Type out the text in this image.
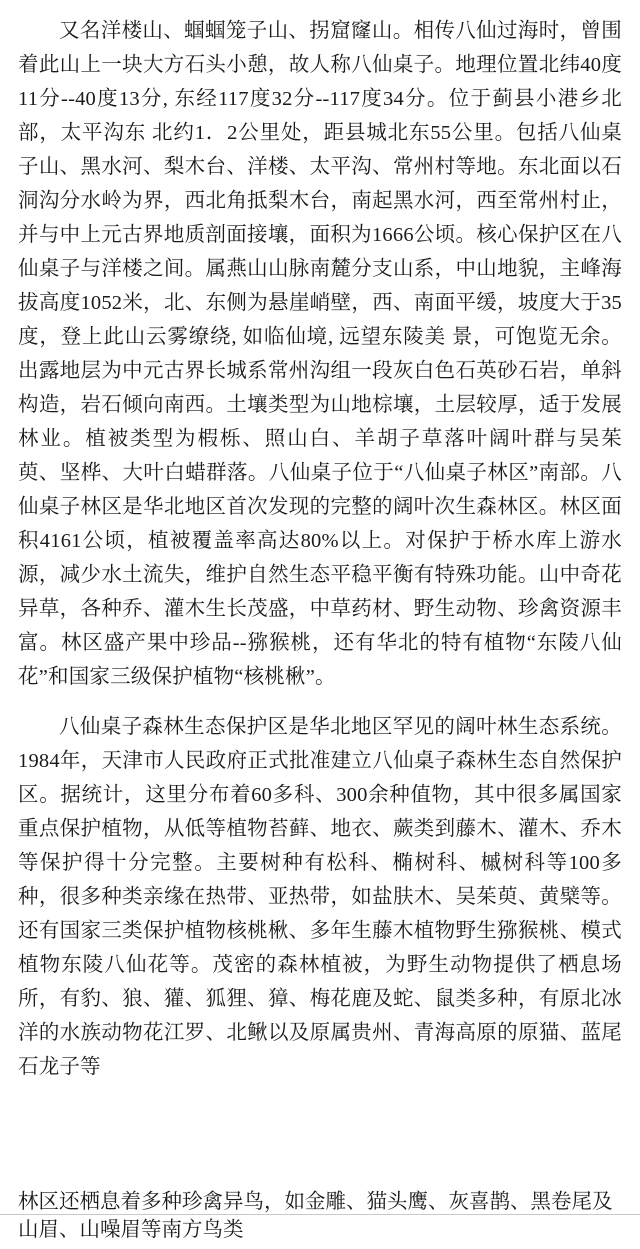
又名洋楼山、蝈蝈笼子山、拐窟窿山。相传八仙过海时，曾围着此山上一块大方石头小憩，故人称八仙桌子。地理位置北纬40度11分--40度13分, 东经117度32分--117度34分。位于蓟县小港乡北部，太平沟东 北约1．2公里处，距县城北东55公里。包括八仙桌子山、黑水河、梨木台、洋楼、太平沟、常州村等地。东北面以石洞沟分水岭为界，西北角抵梨木台，南起黑水河，西至常州村止，并与中上元古界地质剖面接壤，面积为1666公顷。核心保护区在八仙桌子与洋楼之间。属燕山山脉南麓分支山系，中山地貌，主峰海拔高度1052米，北、东侧为悬崖峭壁，西、南面平缓，坡度大于35度，登上此山云雾缭绕, 如临仙境, 远望东陵美 景，可饱览无余。出露地层为中元古界长城系常州沟组一段灰白色石英砂石岩，单斜构造，岩石倾向南西。土壤类型为山地棕壤，土层较厚，适于发展林业。植被类型为椵栎、照山白、羊胡子草落叶阔叶群与吴茱 萸、坚桦、大叶白蜡群落。八仙桌子位于“八仙桌子林区”南部。八仙桌子林区是华北地区首次发现的完整的阔叶次生森林区。林区面积4161公顷，植被覆盖率高达80%以上。对保护于桥水库上游水源，减少水土流失，维护自然生态平稳平衡有特殊功能。山中奇花异草，各种乔、灌木生长茂盛，中草药材、野生动物、珍禽资源丰富。林区盛产果中珍品--猕猴桃，还有华北的特有植物“东陵八仙花”和国家三级保护植物“核桃楸”。

八仙桌子森林生态保护区是华北地区罕见的阔叶林生态系统。1984年，天津市人民政府正式批准建立八仙桌子森林生态自然保护区。据统计，这里分布着60多科、300余种值物，其中很多属国家重点保护植物，从低等植物苔藓、地衣、蕨类到藤木、灌木、乔木等保护得十分完整。主要树种有松科、椭树科、槭树科等100多种，很多种类亲缘在热带、亚热带，如盐肤木、吴茱萸、黄檗等。还有国家三类保护植物核桃楸、多年生藤木植物野生猕猴桃、模式植物东陵八仙花等。茂密的森林植被，为野生动物提供了栖息场所，有豹、狼、獾、狐狸、獐、梅花鹿及蛇、鼠类多种，有原北冰洋的水族动物花江罗、北鳅以及原属贵州、青海高原的原猫、蓝尾石龙子等

林区还栖息着多种珍禽异鸟，如金雕、猫头鹰、灰喜鹊、黑卷尾及山眉、山噪眉等南方鸟类
